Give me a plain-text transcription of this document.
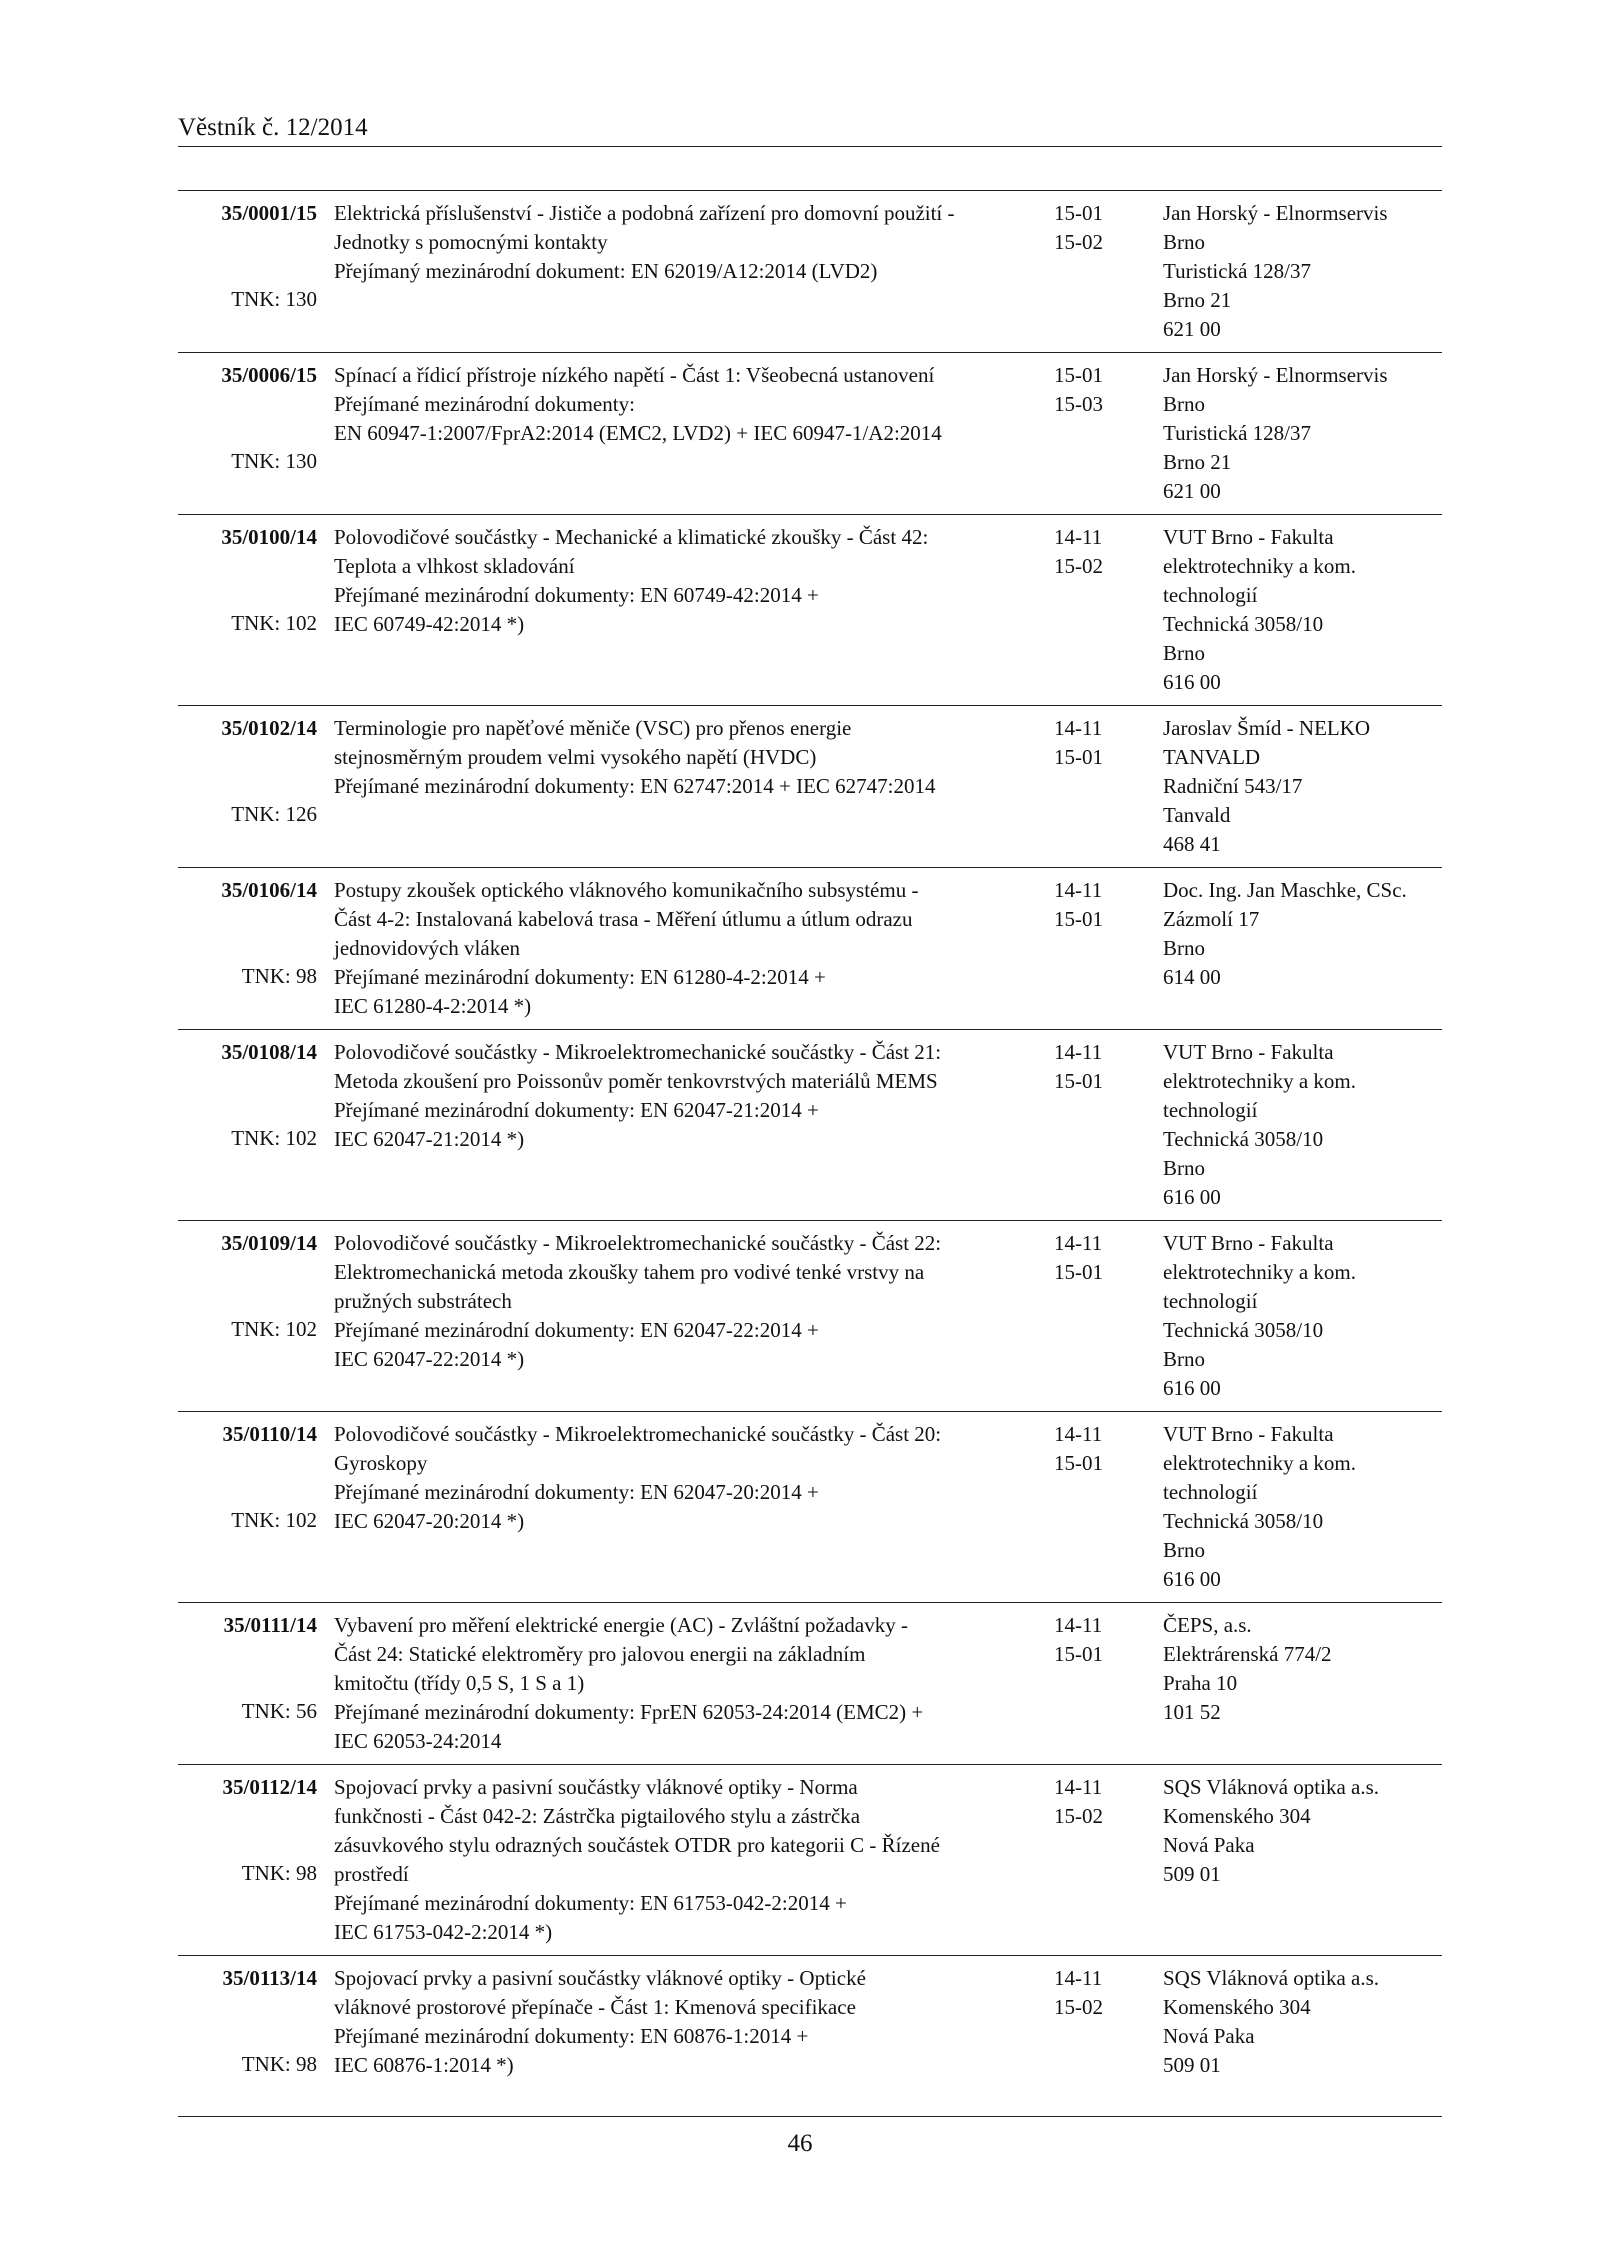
Věstník č. 12/2014
35/0001/15
TNK: 130
Elektrická příslušenství - Jističe a podobná zařízení pro domovní použití -
Jednotky s pomocnými kontakty
Přejímaný mezinárodní dokument: EN 62019/A12:2014 (LVD2)
15-01
15-02
Jan Horský - Elnormservis
Brno
Turistická 128/37
Brno 21
621 00
35/0006/15
TNK: 130
Spínací a řídicí přístroje nízkého napětí - Část 1: Všeobecná ustanovení
Přejímané mezinárodní dokumenty:
EN 60947-1:2007/FprA2:2014 (EMC2, LVD2) + IEC 60947-1/A2:2014
15-01
15-03
Jan Horský - Elnormservis
Brno
Turistická 128/37
Brno 21
621 00
35/0100/14
TNK: 102
Polovodičové součástky - Mechanické a klimatické zkoušky - Část 42:
Teplota a vlhkost skladování
Přejímané mezinárodní dokumenty: EN 60749-42:2014 +
IEC 60749-42:2014 *)
14-11
15-02
VUT Brno - Fakulta
elektrotechniky a kom.
technologií
Technická 3058/10
Brno
616 00
35/0102/14
TNK: 126
Terminologie pro napěťové měniče (VSC) pro přenos energie
stejnosměrným proudem velmi vysokého napětí (HVDC)
Přejímané mezinárodní dokumenty: EN 62747:2014 + IEC 62747:2014
14-11
15-01
Jaroslav Šmíd - NELKO
TANVALD
Radniční 543/17
Tanvald
468 41
35/0106/14
TNK: 98
Postupy zkoušek optického vláknového komunikačního subsystému -
Část 4-2: Instalovaná kabelová trasa - Měření útlumu a útlum odrazu
jednovidových vláken
Přejímané mezinárodní dokumenty: EN 61280-4-2:2014 +
IEC 61280-4-2:2014 *)
14-11
15-01
Doc. Ing. Jan Maschke, CSc.
Zázmolí 17
Brno
614 00
35/0108/14
TNK: 102
Polovodičové součástky - Mikroelektromechanické součástky - Část 21:
Metoda zkoušení pro Poissonův poměr tenkovrstvých materiálů MEMS
Přejímané mezinárodní dokumenty: EN 62047-21:2014 +
IEC 62047-21:2014 *)
14-11
15-01
VUT Brno - Fakulta
elektrotechniky a kom.
technologií
Technická 3058/10
Brno
616 00
35/0109/14
TNK: 102
Polovodičové součástky - Mikroelektromechanické součástky - Část 22:
Elektromechanická metoda zkoušky tahem pro vodivé tenké vrstvy na
pružných substrátech
Přejímané mezinárodní dokumenty: EN 62047-22:2014 +
IEC 62047-22:2014 *)
14-11
15-01
VUT Brno - Fakulta
elektrotechniky a kom.
technologií
Technická 3058/10
Brno
616 00
35/0110/14
TNK: 102
Polovodičové součástky - Mikroelektromechanické součástky - Část 20:
Gyroskopy
Přejímané mezinárodní dokumenty: EN 62047-20:2014 +
IEC 62047-20:2014 *)
14-11
15-01
VUT Brno - Fakulta
elektrotechniky a kom.
technologií
Technická 3058/10
Brno
616 00
35/0111/14
TNK: 56
Vybavení pro měření elektrické energie (AC) - Zvláštní požadavky -
Část 24: Statické elektroměry pro jalovou energii na základním
kmitočtu (třídy 0,5 S, 1 S a 1)
Přejímané mezinárodní dokumenty: FprEN 62053-24:2014 (EMC2) +
IEC 62053-24:2014
14-11
15-01
ČEPS, a.s.
Elektrárenská 774/2
Praha 10
101 52
35/0112/14
TNK: 98
Spojovací prvky a pasivní součástky vláknové optiky - Norma
funkčnosti - Část 042-2: Zástrčka pigtailového stylu a zástrčka
zásuvkového stylu odrazných součástek OTDR pro kategorii C - Řízené
prostředí
Přejímané mezinárodní dokumenty: EN 61753-042-2:2014 +
IEC 61753-042-2:2014 *)
14-11
15-02
SQS Vláknová optika a.s.
Komenského 304
Nová Paka
509 01
35/0113/14
TNK: 98
Spojovací prvky a pasivní součástky vláknové optiky - Optické
vláknové prostorové přepínače - Část 1: Kmenová specifikace
Přejímané mezinárodní dokumenty: EN 60876-1:2014 +
IEC 60876-1:2014 *)
14-11
15-02
SQS Vláknová optika a.s.
Komenského 304
Nová Paka
509 01
46
